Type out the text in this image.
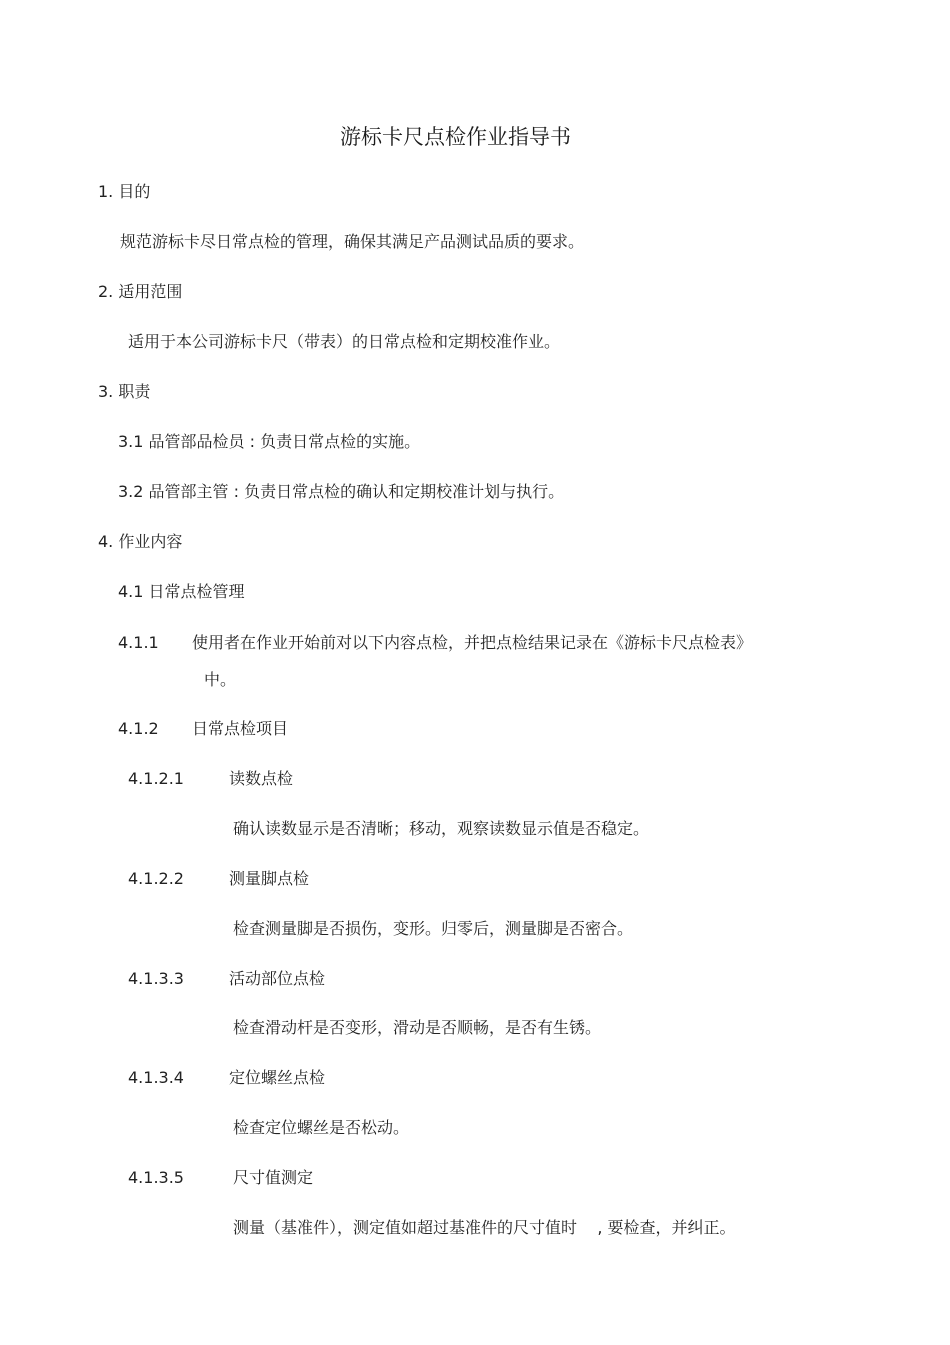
游标卡尺点检作业指导书
1. 目的
规范游标卡尽日常点检的管理，确保其满足产品测试品质的要求。
2. 适用范围
适用于本公司游标卡尺（带表）的日常点检和定期校准作业。
3. 职责
3.1 品管部品检员 : 负责日常点检的实施。
3.2 品管部主管 : 负责日常点检的确认和定期校准计划与执行。
4. 作业内容
4.1 日常点检管理
4.1.1 使用者在作业开始前对以下内容点检，并把点检结果记录在《游标卡尺点检表》
中。
4.1.2 日常点检项目
4.1.2.1	读数点检
确认读数显示是否清晰；移动，观察读数显示值是否稳定。
4.1.2.2	测量脚点检
检查测量脚是否损伤，变形。归零后，测量脚是否密合。
4.1.3.3	活动部位点检
检查滑动杆是否变形，滑动是否顺畅，是否有生锈。
4.1.3.4	定位螺丝点检
检查定位螺丝是否松动。
4.1.3.5	尺寸值测定
测量（基准件），测定值如超过基准件的尺寸值时    , 要检查，并纠正。
